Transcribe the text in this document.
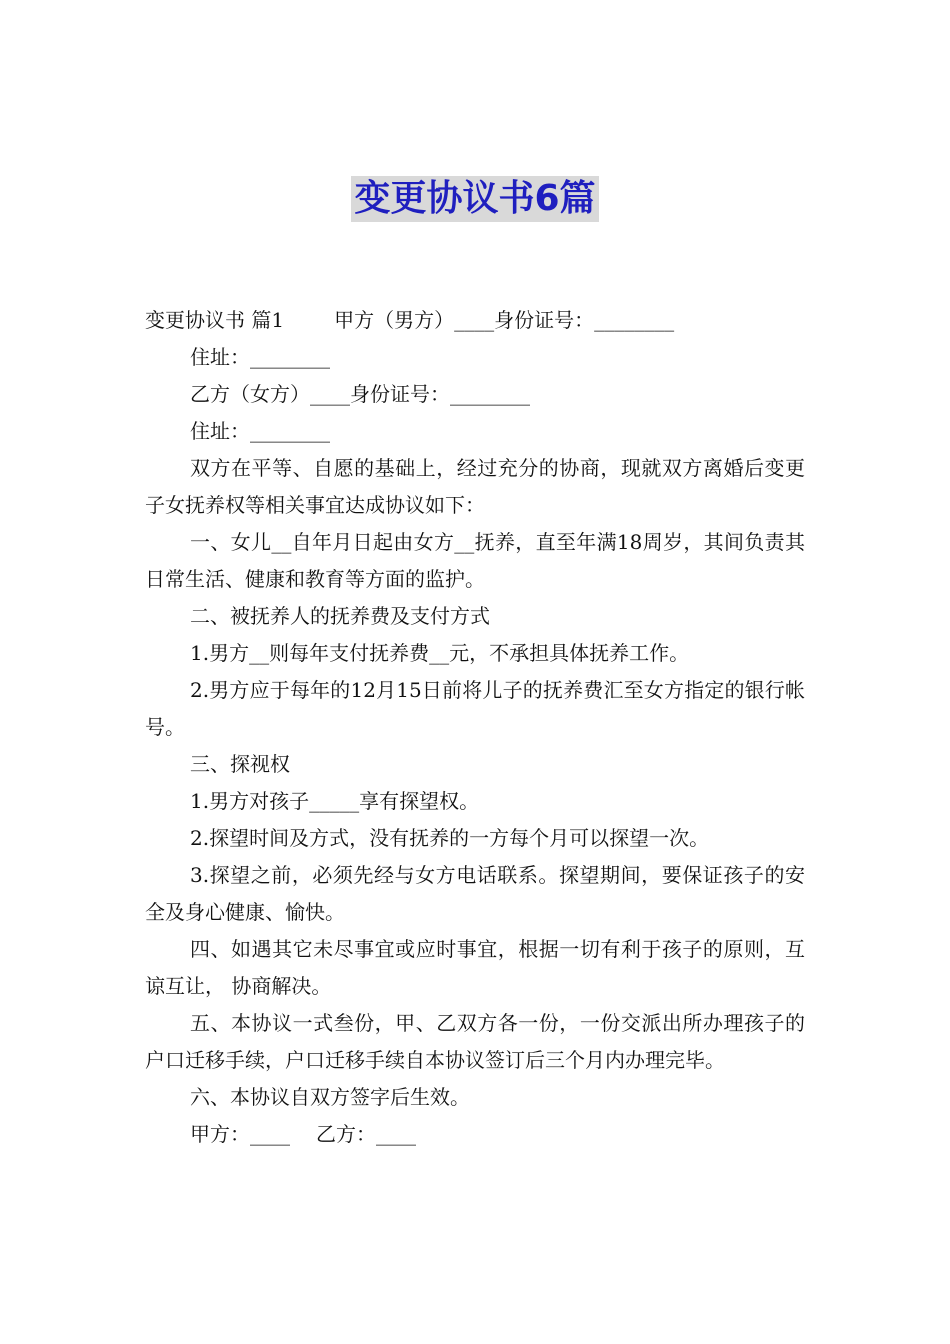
变更协议书6篇

变更协议书 篇1	甲方（男方）____身份证号：________

住址：________

乙方（女方）____身份证号：________

住址：________

双方在平等、自愿的基础上，经过充分的协商，现就双方离婚后变更子女抚养权等相关事宜达成协议如下：

一、女儿__自年月日起由女方__抚养，直至年满18周岁，其间负责其日常生活、健康和教育等方面的监护。

二、被抚养人的抚养费及支付方式

1.男方__则每年支付抚养费__元，不承担具体抚养工作。

2.男方应于每年的12月15日前将儿子的抚养费汇至女方指定的银行帐号。

三、探视权

1.男方对孩子_____享有探望权。

2.探望时间及方式，没有抚养的一方每个月可以探望一次。

3.探望之前，必须先经与女方电话联系。探望期间，要保证孩子的安全及身心健康、愉快。

四、如遇其它未尽事宜或应时事宜，根据一切有利于孩子的原则，互谅互让， 协商解决。

五、本协议一式叁份，甲、乙双方各一份，一份交派出所办理孩子的户口迁移手续，户口迁移手续自本协议签订后三个月内办理完毕。

六、本协议自双方签字后生效。

甲方：____ 乙方：____
